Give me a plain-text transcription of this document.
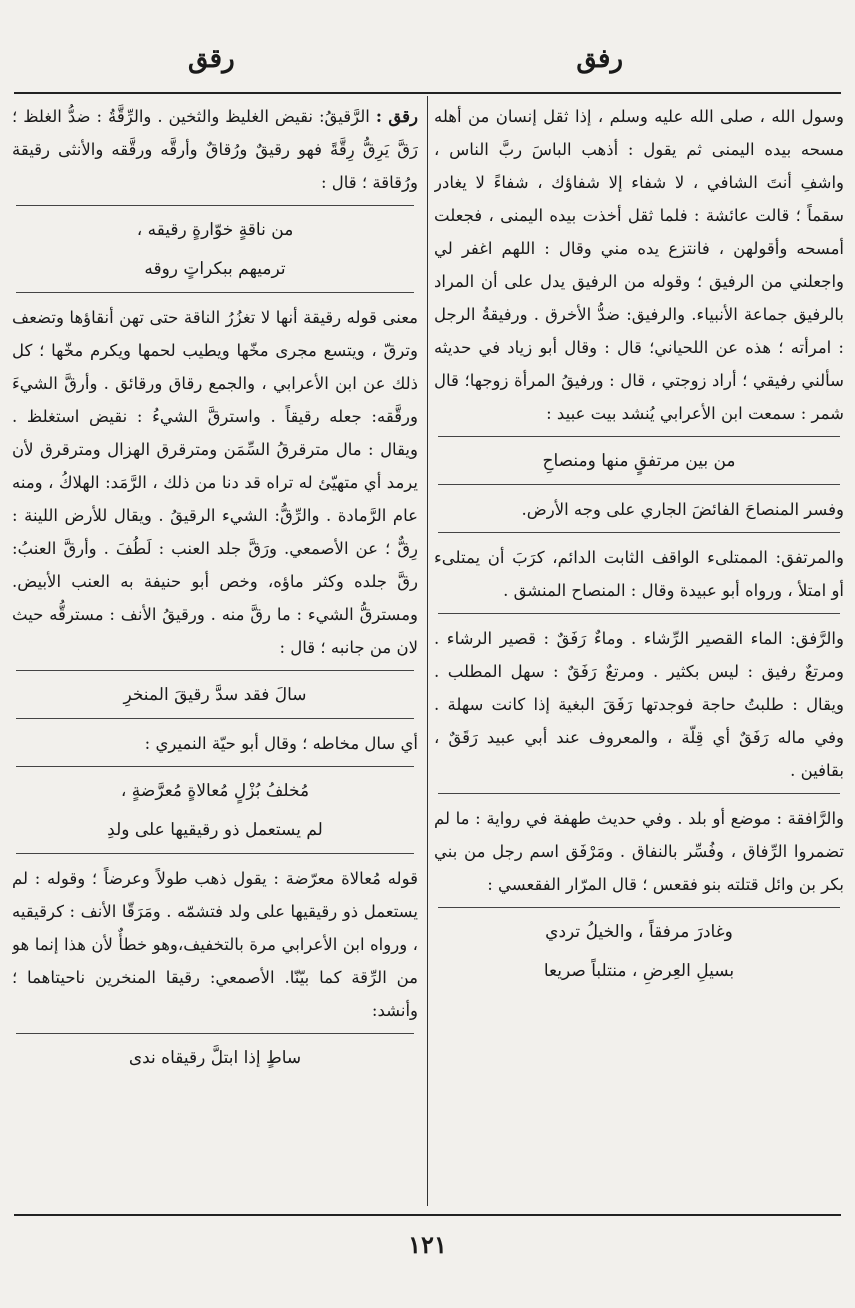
رفق
رقق
وسول الله ، صلى الله عليه وسلم ، إذا ثقل إنسان من أهله مسحه بيده اليمنى ثم يقول : أذهب الباسَ ربَّ الناس ، واشفِ أنتَ الشافي ، لا شفاء إلا شفاؤك ، شفاءً لا يغادر سقماً ؛ قالت عائشة : فلما ثقل أخذت بيده اليمنى ، فجعلت أمسحه وأقولهن ، فانتزع يده مني وقال : اللهم اغفر لي واجعلني من الرفيق ؛ وقوله من الرفيق يدل على أن المراد بالرفيق جماعة الأنبياء. والرفيق: ضدُّ الأخرق . ورفيقةُ الرجل : امرأته ؛ هذه عن اللحياني؛ قال : وقال أبو زياد في حديثه سألني رفيقي ؛ أراد زوجتي ، قال : ورفيقُ المرأة زوجها؛ قال شمر : سمعت ابن الأعرابي يُنشد بيت عبيد :
من بين مرتفقٍ منها ومنصاحِ
وفسر المنصاحَ الفائضَ الجاري على وجه الأرض.
والمرتفق: الممتلىء الواقف الثابت الدائم، كرَبَ أن يمتلىء أو امتلأ ، ورواه أبو عبيدة وقال : المنصاح المنشق .
والرَّفق: الماء القصير الرِّشاء . وماءٌ رَفَقٌ : قصير الرشاء . ومرتعٌ رفيق : ليس بكثير . ومرتعٌ رَفَقٌ : سهل المطلب . ويقال : طلبتُ حاجة فوجدتها رَفَقَ البغية إذا كانت سهلة . وفي ماله رَفَقٌ أي قِلّة ، والمعروف عند أبي عبيد رَقَقٌ ، بقافين .
والرَّافقة : موضع أو بلد . وفي حديث طهفة في رواية : ما لم تضمروا الرِّفاق ، وفُسِّر بالنفاق . ومَرْفَق اسم رجل من بني بكر بن وائل قتلته بنو فقعس ؛ قال المرّار الفقعسي :
وغادرَ مرفقاً ، والخيلُ تردي
بسيلِ العِرضِ ، منتلباً صريعا
رقق : الرَّقيقُ: نقيض الغليظ والثخين . والرِّقَّةُ : ضدُّ الغلظ ؛ رَقَّ يَرِقُّ رِقَّةً فهو رقيقٌ ورُقاقٌ وأرقَّه ورقَّقه والأنثى رقيقة ورُقاقة ؛ قال :
من ناقةٍ خوّارةٍ رقيقه ،
ترميهم ببكراتٍ روقه
معنى قوله رقيقة أنها لا تغزُرُ الناقة حتى تهن أنقاؤها وتضعف وترقّ ، ويتسع مجرى مخّها ويطيب لحمها ويكرم مخّها ؛ كل ذلك عن ابن الأعرابي ، والجمع رقاق ورقائق . وأرقَّ الشيءَ ورقَّقه: جعله رقيقاً . واسترقَّ الشيءُ : نقيض استغلظ . ويقال : مال مترقرقُ السِّمَن ومترقرق الهزال ومترقرق لأن يرمد أي متهيّئ له تراه قد دنا من ذلك ، الرَّمَد: الهلاكُ ، ومنه عام الرَّمادة . والرِّقُّ: الشيء الرقيقُ . ويقال للأرض اللينة : رِقٌّ ؛ عن الأصمعي. ورَقَّ جلد العنب : لَطُفَ . وأرقَّ العنبُ: رقَّ جلده وكثر ماؤه، وخص أبو حنيفة به العنب الأبيض. ومسترقُّ الشيء : ما رقَّ منه . ورقيقُ الأنف : مسترقُّه حيث لان من جانبه ؛ قال :
سالَ فقد سدَّ رقيقَ المنخرِ
أي سال مخاطه ؛ وقال أبو حيّة النميري :
مُخلفُ بُزْلٍ مُعالاةٍ مُعرَّضةٍ ،
لم يستعمل ذو رقيقيها على ولدِ
قوله مُعالاة معرّضة : يقول ذهب طولاً وعرضاً ؛ وقوله : لم يستعمل ذو رقيقيها على ولد فتشمّه . ومَرَقّا الأنف : كرقيقيه ، ورواه ابن الأعرابي مرة بالتخفيف،وهو خطأٌ لأن هذا إنما هو من الرِّقة كما بيّنّا. الأصمعي: رقيقا المنخرين ناحيتاهما ؛ وأنشد:
ساطٍ إذا ابتلَّ رقيقاه ندى
١٢١
